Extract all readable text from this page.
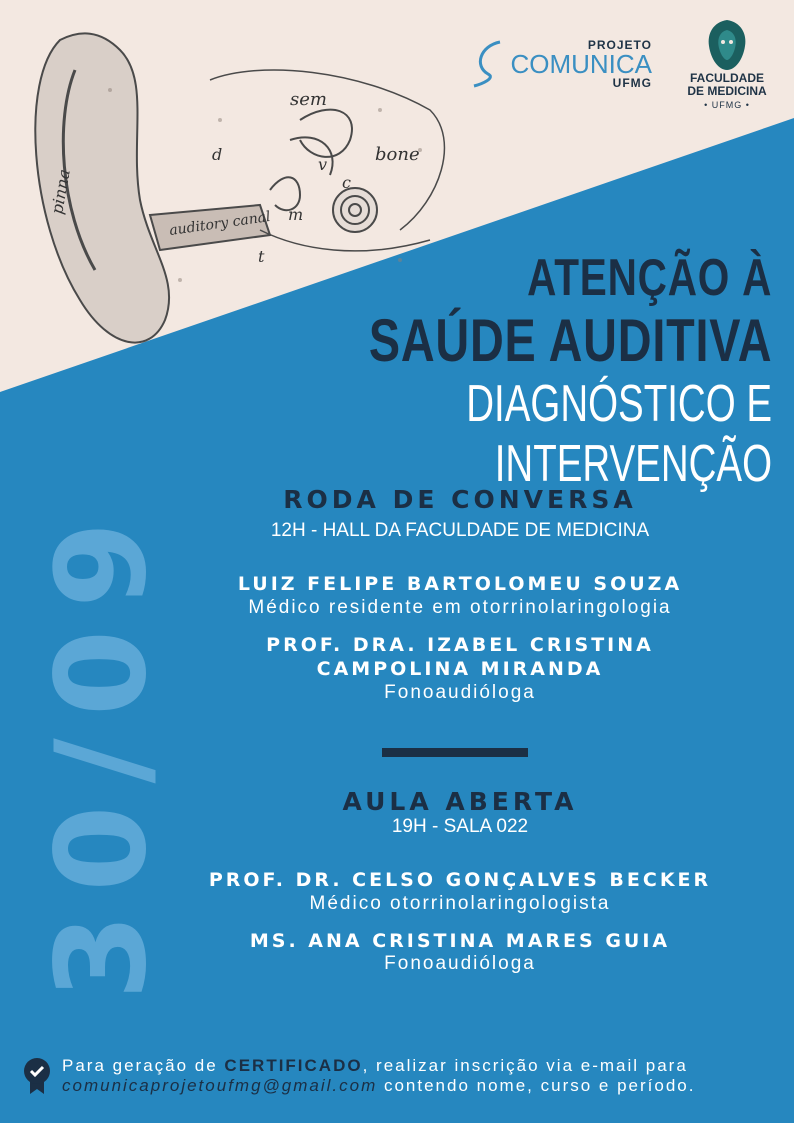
pinna
auditory canal
sem
bone
d
v
c
m
t
PROJETO
COMUNICA
UFMG	FACULDADE
DE MEDICINA
• UFMG •
ATENÇÃO À
SAÚDE AUDITIVA
DIAGNÓSTICO E INTERVENÇÃO
30/09
RODA DE CONVERSA
12H - HALL DA FACULDADE DE MEDICINA
LUIZ FELIPE BARTOLOMEU SOUZA
Médico residente em otorrinolaringologia
PROF. DRA. IZABEL CRISTINA CAMPOLINA MIRANDA
Fonoaudióloga
AULA ABERTA
19H - SALA 022
PROF. DR. CELSO GONÇALVES BECKER
Médico otorrinolaringologista
MS. ANA CRISTINA MARES GUIA
Fonoaudióloga
Para geração de CERTIFICADO, realizar inscrição via e-mail para
comunicaprojetoufmg@gmail.com contendo nome, curso e período.
